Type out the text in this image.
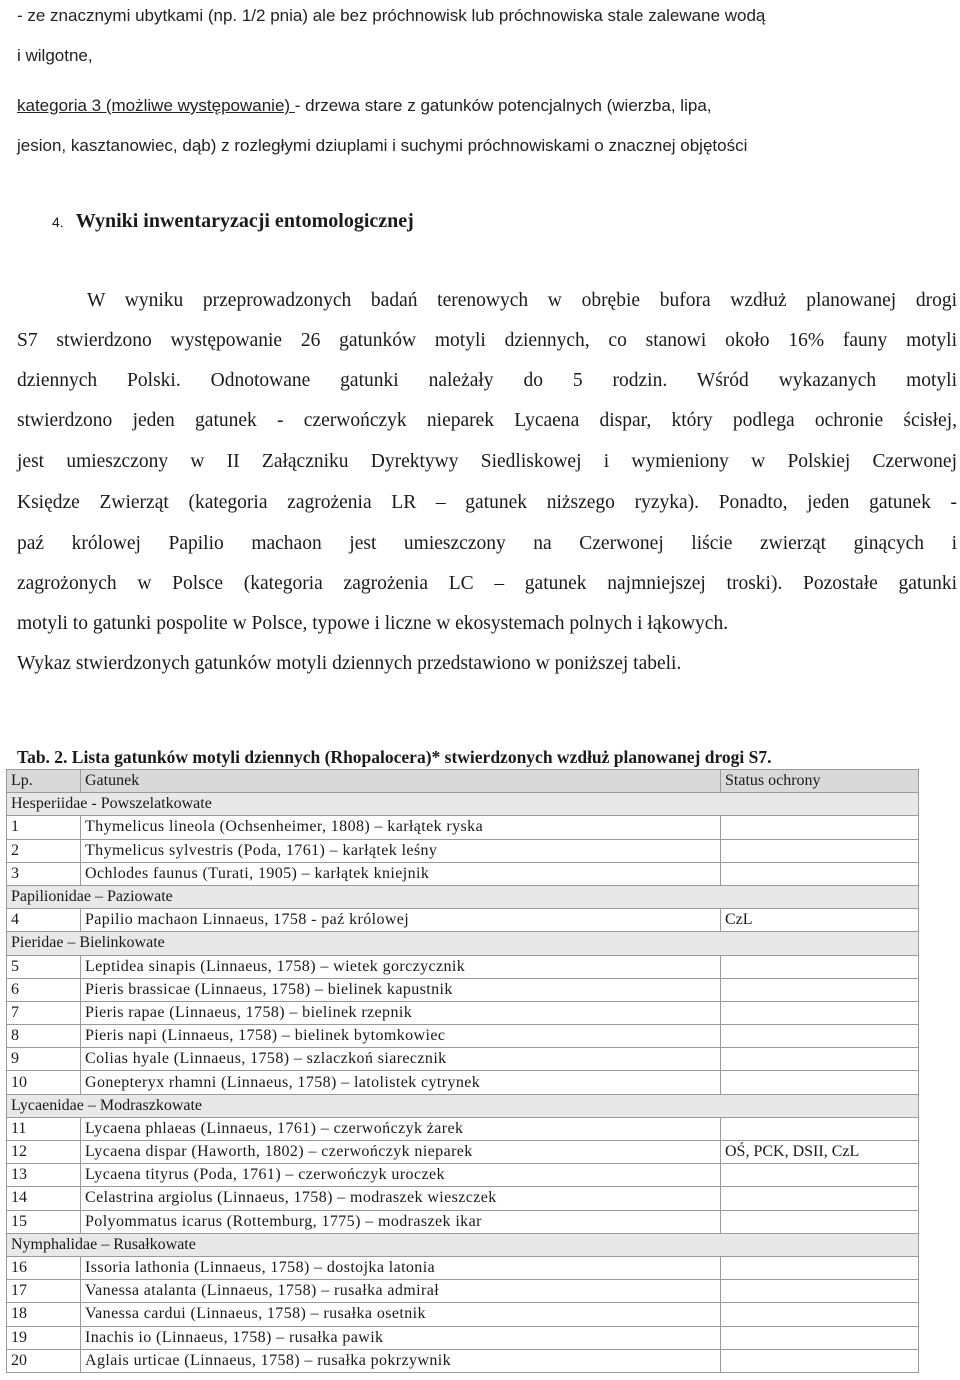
- ze znaczny​mi ubytkami (np. 1/2 pnia) ale bez próchnowisk lub próchnowiska stale zalewane wodą
i wilgotne,
kategoria 3 (możliwe występowanie) - drzewa stare z gatunków potencjalnych (wierzba, lipa,
jesion, kasztanowiec, dąb) z rozległymi dziuplami i suchymi próchnowiskami o znacznej objętości
4. Wyniki inwentaryzacji entomologicznej
W wyniku przeprowadzonych badań terenowych w obrębie bufora wzdłuż planowanej drogi
S7 stwierdzono występowanie 26 gatunków motyli dziennych, co stanowi około 16% fauny motyli
dziennych Polski. Odnotowane gatunki należały do 5 rodzin. Wśród wykazanych motyli
stwierdzono jeden gatunek - czerwończyk nieparek Lycaena dispar, który podlega ochronie ścisłej,
jest umieszczony w II Załączniku Dyrektywy Siedliskowej i wymieniony w Polskiej Czerwonej
Księdze Zwierząt (kategoria zagrożenia LR – gatunek niższego ryzyka). Ponadto, jeden gatunek -
paź królowej Papilio machaon jest umieszczony na Czerwonej liście zwierząt ginących i
zagrożonych w Polsce (kategoria zagrożenia LC – gatunek najmniejszej troski). Pozostałe gatunki
motyli to gatunki pospolite w Polsce, typowe i liczne w ekosystemach polnych i łąkowych.
Wykaz stwierdzonych gatunków motyli dziennych przedstawiono w poniższej tabeli.
Tab. 2. Lista gatunków motyli dziennych (Rhopalocera)* stwierdzonych wzdłuż planowanej drogi S7.
Lp.	Gatunek	Status ochrony
Hesperiidae - Powszelatkowate		
1	Thymelicus lineola (Ochsenheimer, 1808) – karłątek ryska	
2	Thymelicus sylvestris (Poda, 1761) – karłątek leśny	
3	Ochlodes faunus (Turati, 1905) – karłątek kniejnik	
Papilionidae – Paziowate		
4	Papilio machaon Linnaeus, 1758 - paź królowej	CzL
Pieridae – Bielinkowate		
5	Leptidea sinapis (Linnaeus, 1758) – wietek gorczycznik	
6	Pieris brassicae (Linnaeus, 1758) – bielinek kapustnik	
7	Pieris rapae (Linnaeus, 1758) – bielinek rzepnik	
8	Pieris napi (Linnaeus, 1758) – bielinek bytomkowiec	
9	Colias hyale (Linnaeus, 1758) – szlaczkoń siarecznik	
10	Gonepteryx rhamni (Linnaeus, 1758) – latolistek cytrynek	
Lycaenidae – Modraszkowate		
11	Lycaena phlaeas (Linnaeus, 1761) – czerwończyk żarek	
12	Lycaena dispar (Haworth, 1802) – czerwończyk nieparek	OŚ, PCK, DSII, CzL
13	Lycaena tityrus (Poda, 1761) – czerwończyk uroczek	
14	Celastrina argiolus (Linnaeus, 1758) – modraszek wieszczek	
15	Polyommatus icarus (Rottemburg, 1775) – modraszek ikar	
Nymphalidae – Rusałkowate		
16	Issoria lathonia (Linnaeus, 1758) – dostojka latonia	
17	Vanessa atalanta (Linnaeus, 1758) – rusałka admirał	
18	Vanessa cardui (Linnaeus, 1758) – rusałka osetnik	
19	Inachis io (Linnaeus, 1758) – rusałka pawik	
20	Aglais urticae (Linnaeus, 1758) – rusałka pokrzywnik	
